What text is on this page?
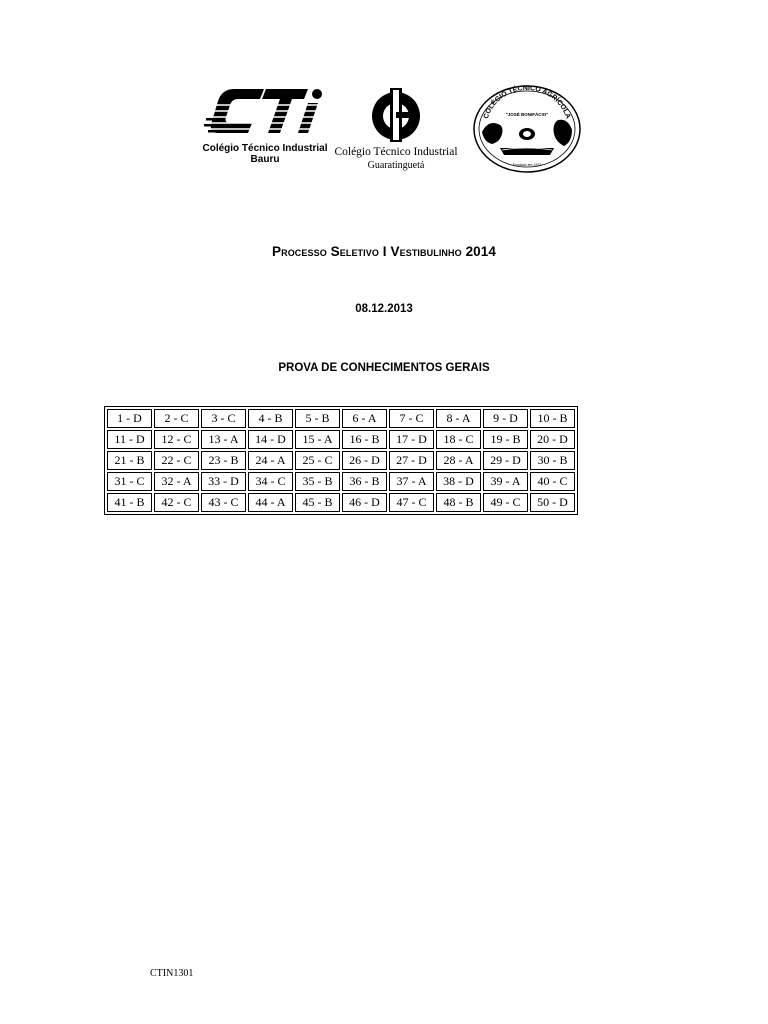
Colégio Técnico Industrial
Bauru
Colégio Técnico Industrial
Guaratinguetá
COLÉGIO TÉCNICO AGRÍCOLA
"JOSÉ BONIFÁCIO"
Fundado em 1923
Processo Seletivo I Vestibulinho 2014
08.12.2013
PROVA DE CONHECIMENTOS GERAIS
1 - D	2 - C	3 - C	4 - B	5 - B	6 - A	7 - C	8 - A	9 - D	10 - B
11 - D	12 - C	13 - A	14 - D	15 - A	16 - B	17 - D	18 - C	19 - B	20 - D
21 - B	22 - C	23 - B	24 - A	25 - C	26 - D	27 - D	28 - A	29 - D	30 - B
31 - C	32 - A	33 - D	34 - C	35 - B	36 - B	37 - A	38 - D	39 - A	40 - C
41 - B	42 - C	43 - C	44 - A	45 - B	46 - D	47 - C	48 - B	49 - C	50 - D
CTIN1301
